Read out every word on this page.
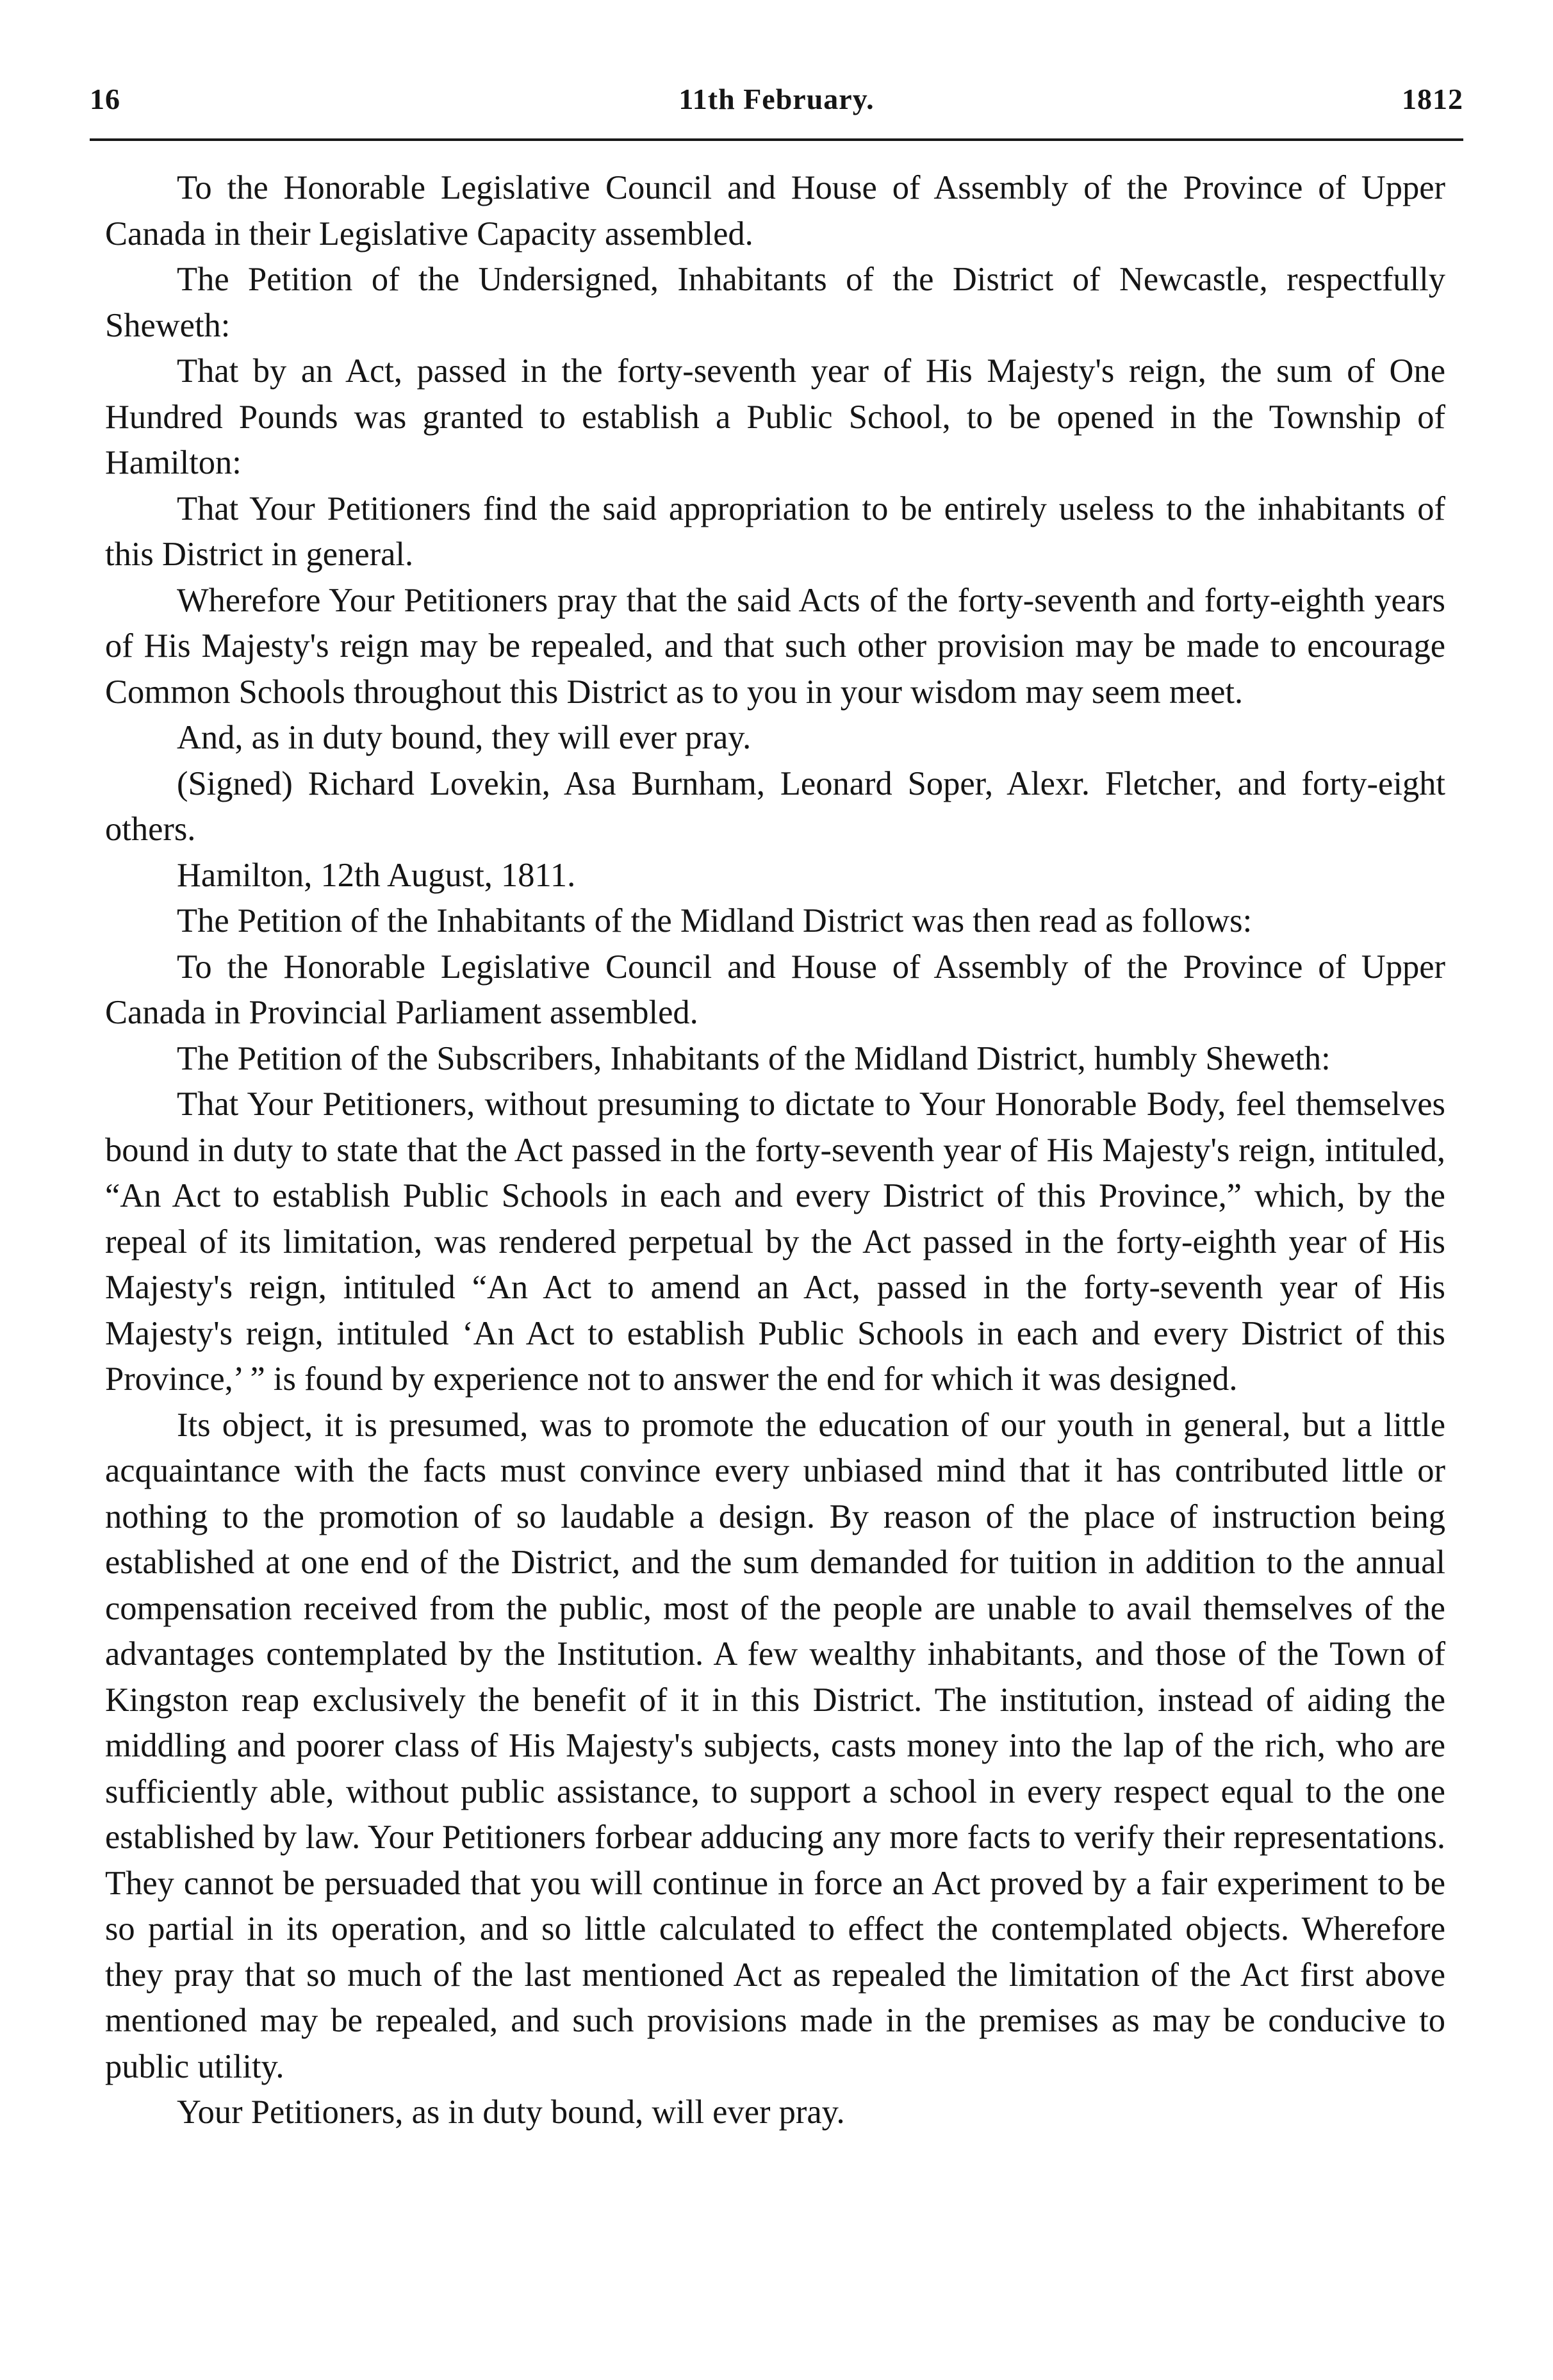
16	11th February.	1812

To the Honorable Legislative Council and House of Assembly of the Province of Upper Canada in their Legislative Capacity assembled.

The Petition of the Undersigned, Inhabitants of the District of Newcastle, respectfully Sheweth:

That by an Act, passed in the forty-seventh year of His Majesty's reign, the sum of One Hundred Pounds was granted to establish a Public School, to be opened in the Township of Hamilton:

That Your Petitioners find the said appropriation to be entirely useless to the inhabitants of this District in general.

Wherefore Your Petitioners pray that the said Acts of the forty-seventh and forty-eighth years of His Majesty's reign may be repealed, and that such other provision may be made to encourage Common Schools throughout this District as to you in your wisdom may seem meet.

And, as in duty bound, they will ever pray.

(Signed) Richard Lovekin, Asa Burnham, Leonard Soper, Alexr. Fletcher, and forty-eight others.

Hamilton, 12th August, 1811.

The Petition of the Inhabitants of the Midland District was then read as follows:

To the Honorable Legislative Council and House of Assembly of the Province of Upper Canada in Provincial Parliament assembled.

The Petition of the Subscribers, Inhabitants of the Midland District, humbly Sheweth:

That Your Petitioners, without presuming to dictate to Your Honorable Body, feel themselves bound in duty to state that the Act passed in the forty-seventh year of His Majesty's reign, intituled, “An Act to establish Public Schools in each and every District of this Province,” which, by the repeal of its limitation, was rendered perpetual by the Act passed in the forty-eighth year of His Majesty's reign, intituled “An Act to amend an Act, passed in the forty-seventh year of His Majesty's reign, intituled ‘An Act to establish Public Schools in each and every District of this Province,’ ” is found by experience not to answer the end for which it was designed.

Its object, it is presumed, was to promote the education of our youth in general, but a little acquaintance with the facts must convince every unbiased mind that it has contributed little or nothing to the promotion of so laudable a design. By reason of the place of instruction being established at one end of the District, and the sum demanded for tuition in addition to the annual compensation received from the public, most of the people are unable to avail themselves of the advantages contemplated by the Institution. A few wealthy inhabitants, and those of the Town of Kingston reap exclusively the benefit of it in this District. The institution, instead of aiding the middling and poorer class of His Majesty's subjects, casts money into the lap of the rich, who are sufficiently able, without public assistance, to support a school in every respect equal to the one established by law. Your Petitioners forbear adducing any more facts to verify their representations. They cannot be persuaded that you will continue in force an Act proved by a fair experiment to be so partial in its operation, and so little calculated to effect the contemplated objects. Wherefore they pray that so much of the last mentioned Act as repealed the limitation of the Act first above mentioned may be repealed, and such provisions made in the premises as may be conducive to public utility.

Your Petitioners, as in duty bound, will ever pray.
